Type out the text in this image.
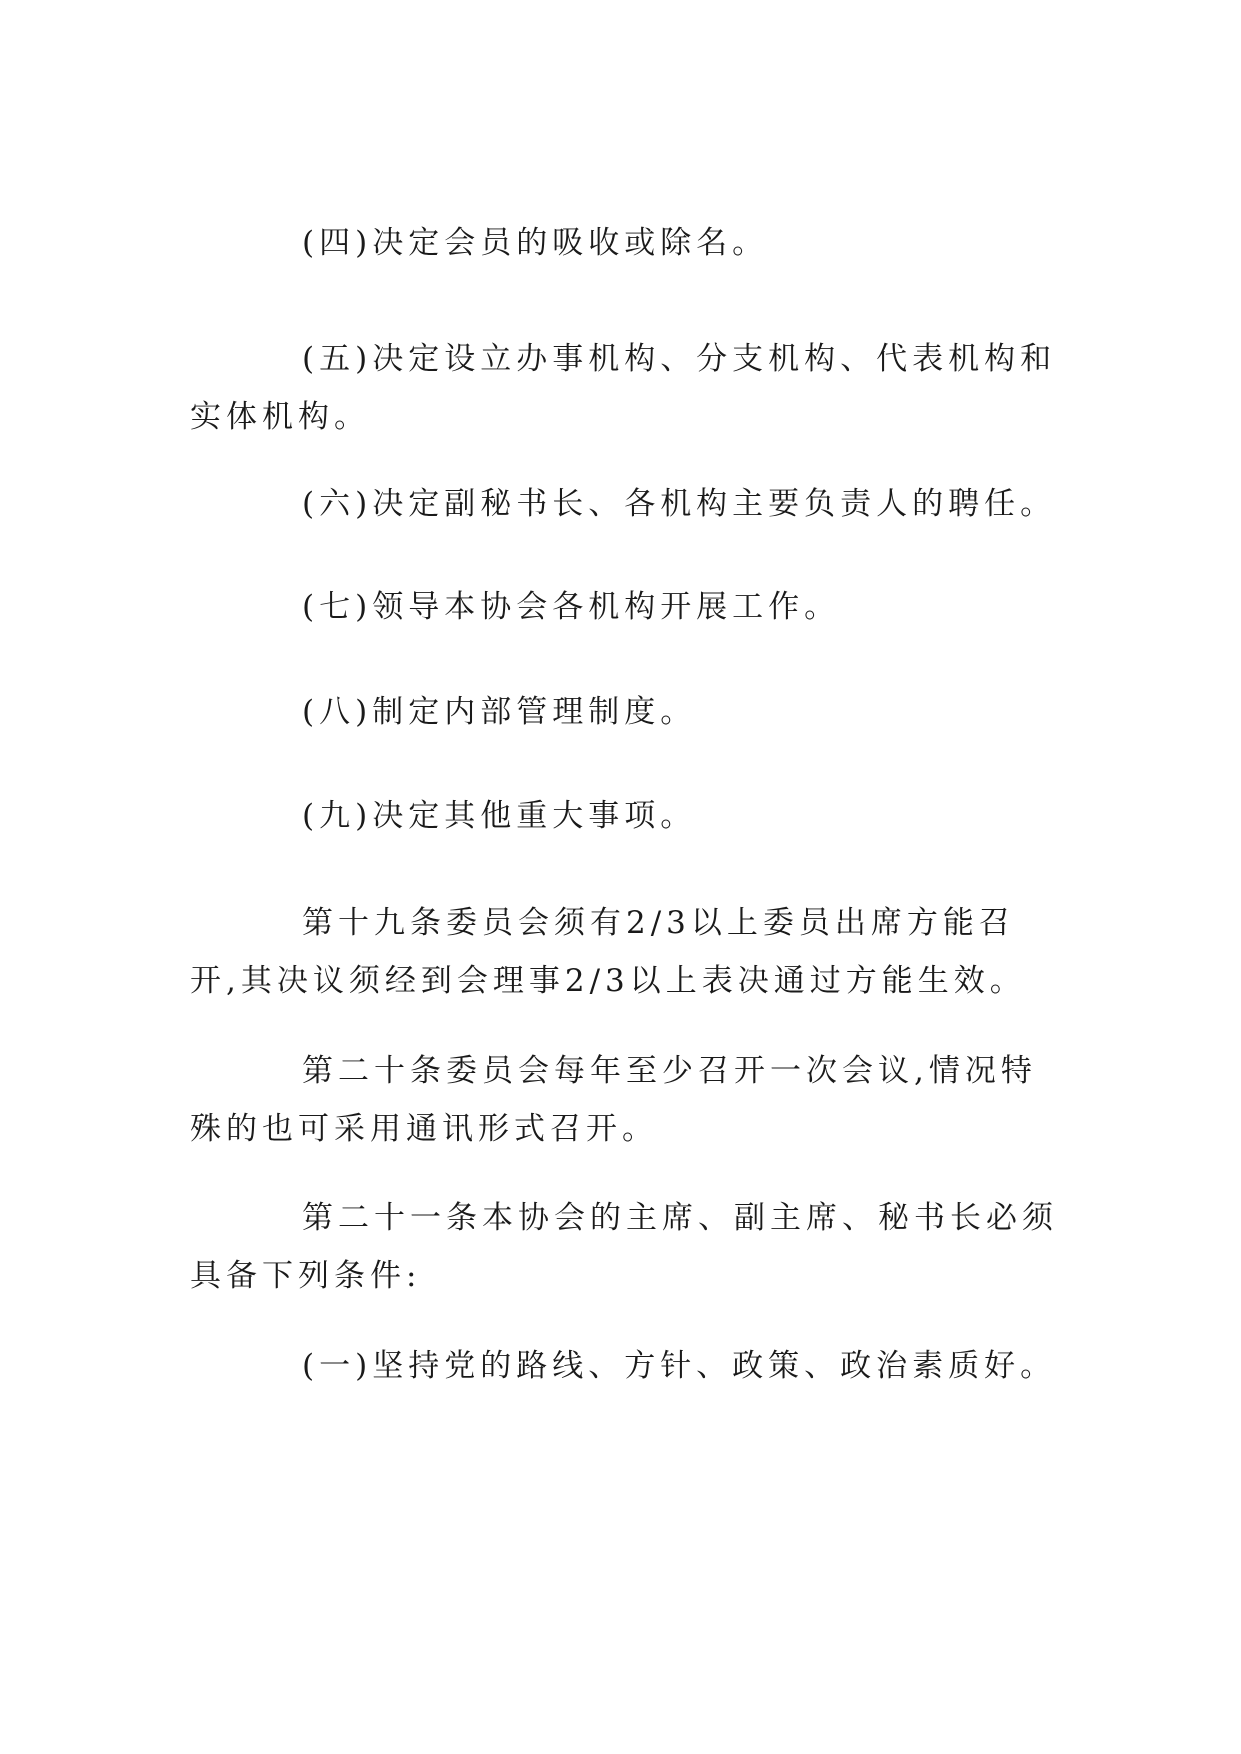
(四)决定会员的吸收或除名。

(五)决定设立办事机构、分支机构、代表机构和实体机构。

(六)决定副秘书长、各机构主要负责人的聘任。

(七)领导本协会各机构开展工作。

(八)制定内部管理制度。

(九)决定其他重大事项。

第十九条委员会须有2/3以上委员出席方能召开,其决议须经到会理事2/3以上表决通过方能生效。

第二十条委员会每年至少召开一次会议,情况特殊的也可采用通讯形式召开。

第二十一条本协会的主席、副主席、秘书长必须具备下列条件:

(一)坚持党的路线、方针、政策、政治素质好。
